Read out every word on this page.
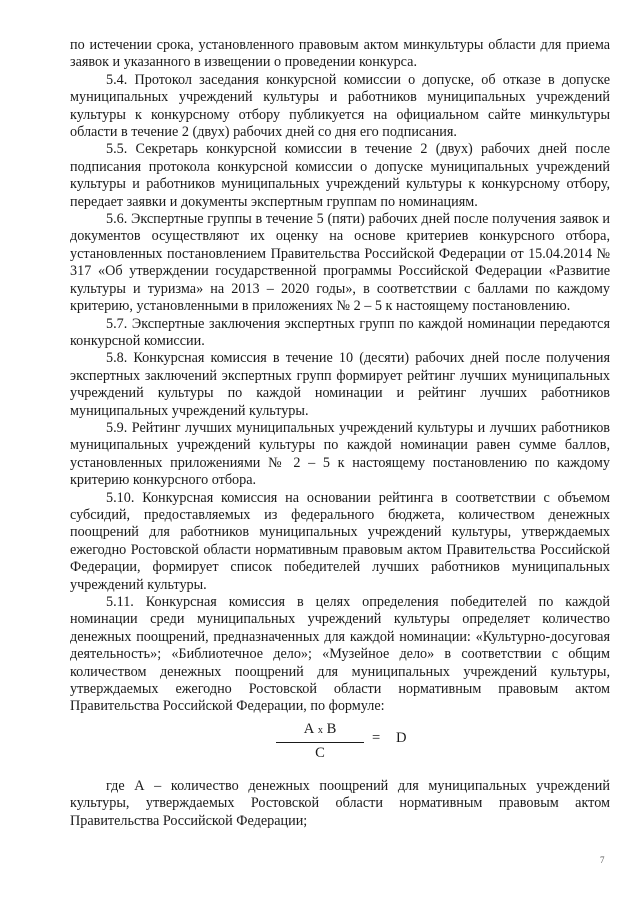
по истечении срока, установленного правовым актом минкультуры области для приема заявок и указанного в извещении о проведении конкурса.

5.4. Протокол заседания конкурсной комиссии о допуске, об отказе в допуске муниципальных учреждений культуры и работников муниципальных учреждений культуры к конкурсному отбору публикуется на официальном сайте минкультуры области в течение 2 (двух) рабочих дней со дня его подписания.

5.5. Секретарь конкурсной комиссии в течение 2 (двух) рабочих дней после подписания протокола конкурсной комиссии о допуске муниципальных учреждений культуры и работников муниципальных учреждений культуры к конкурсному отбору, передает заявки и документы экспертным группам по номинациям.

5.6. Экспертные группы в течение 5 (пяти) рабочих дней после получения заявок и документов осуществляют их оценку на основе критериев конкурсного отбора, установленных постановлением Правительства Российской Федерации от 15.04.2014 № 317 «Об утверждении государственной программы Российской Федерации «Развитие культуры и туризма» на 2013 – 2020 годы», в соответствии с баллами по каждому критерию, установленными в приложениях № 2 – 5 к настоящему постановлению.

5.7. Экспертные заключения экспертных групп по каждой номинации передаются конкурсной комиссии.

5.8. Конкурсная комиссия в течение 10 (десяти) рабочих дней после получения экспертных заключений экспертных групп формирует рейтинг лучших муниципальных учреждений культуры по каждой номинации и рейтинг лучших работников муниципальных учреждений культуры.

5.9. Рейтинг лучших муниципальных учреждений культуры и лучших работников муниципальных учреждений культуры по каждой номинации равен сумме баллов, установленных приложениями № 2 – 5 к настоящему постановлению по каждому критерию конкурсного отбора.

5.10. Конкурсная комиссия на основании рейтинга в соответствии с объемом субсидий, предоставляемых из федерального бюджета, количеством денежных поощрений для работников муниципальных учреждений культуры, утверждаемых ежегодно Ростовской области нормативным правовым актом Правительства Российской Федерации, формирует список победителей лучших работников муниципальных учреждений культуры.

5.11. Конкурсная комиссия в целях определения победителей по каждой номинации среди муниципальных учреждений культуры определяет количество денежных поощрений, предназначенных для каждой номинации: «Культурно-досуговая деятельность»; «Библиотечное дело»; «Музейное дело» в соответствии с общим количеством денежных поощрений для муниципальных учреждений культуры, утверждаемых ежегодно Ростовской области нормативным правовым актом Правительства Российской Федерации, по формуле:

А x В
С
= D

где А – количество денежных поощрений для муниципальных учреждений культуры, утверждаемых Ростовской области нормативным правовым актом Правительства Российской Федерации;

7
